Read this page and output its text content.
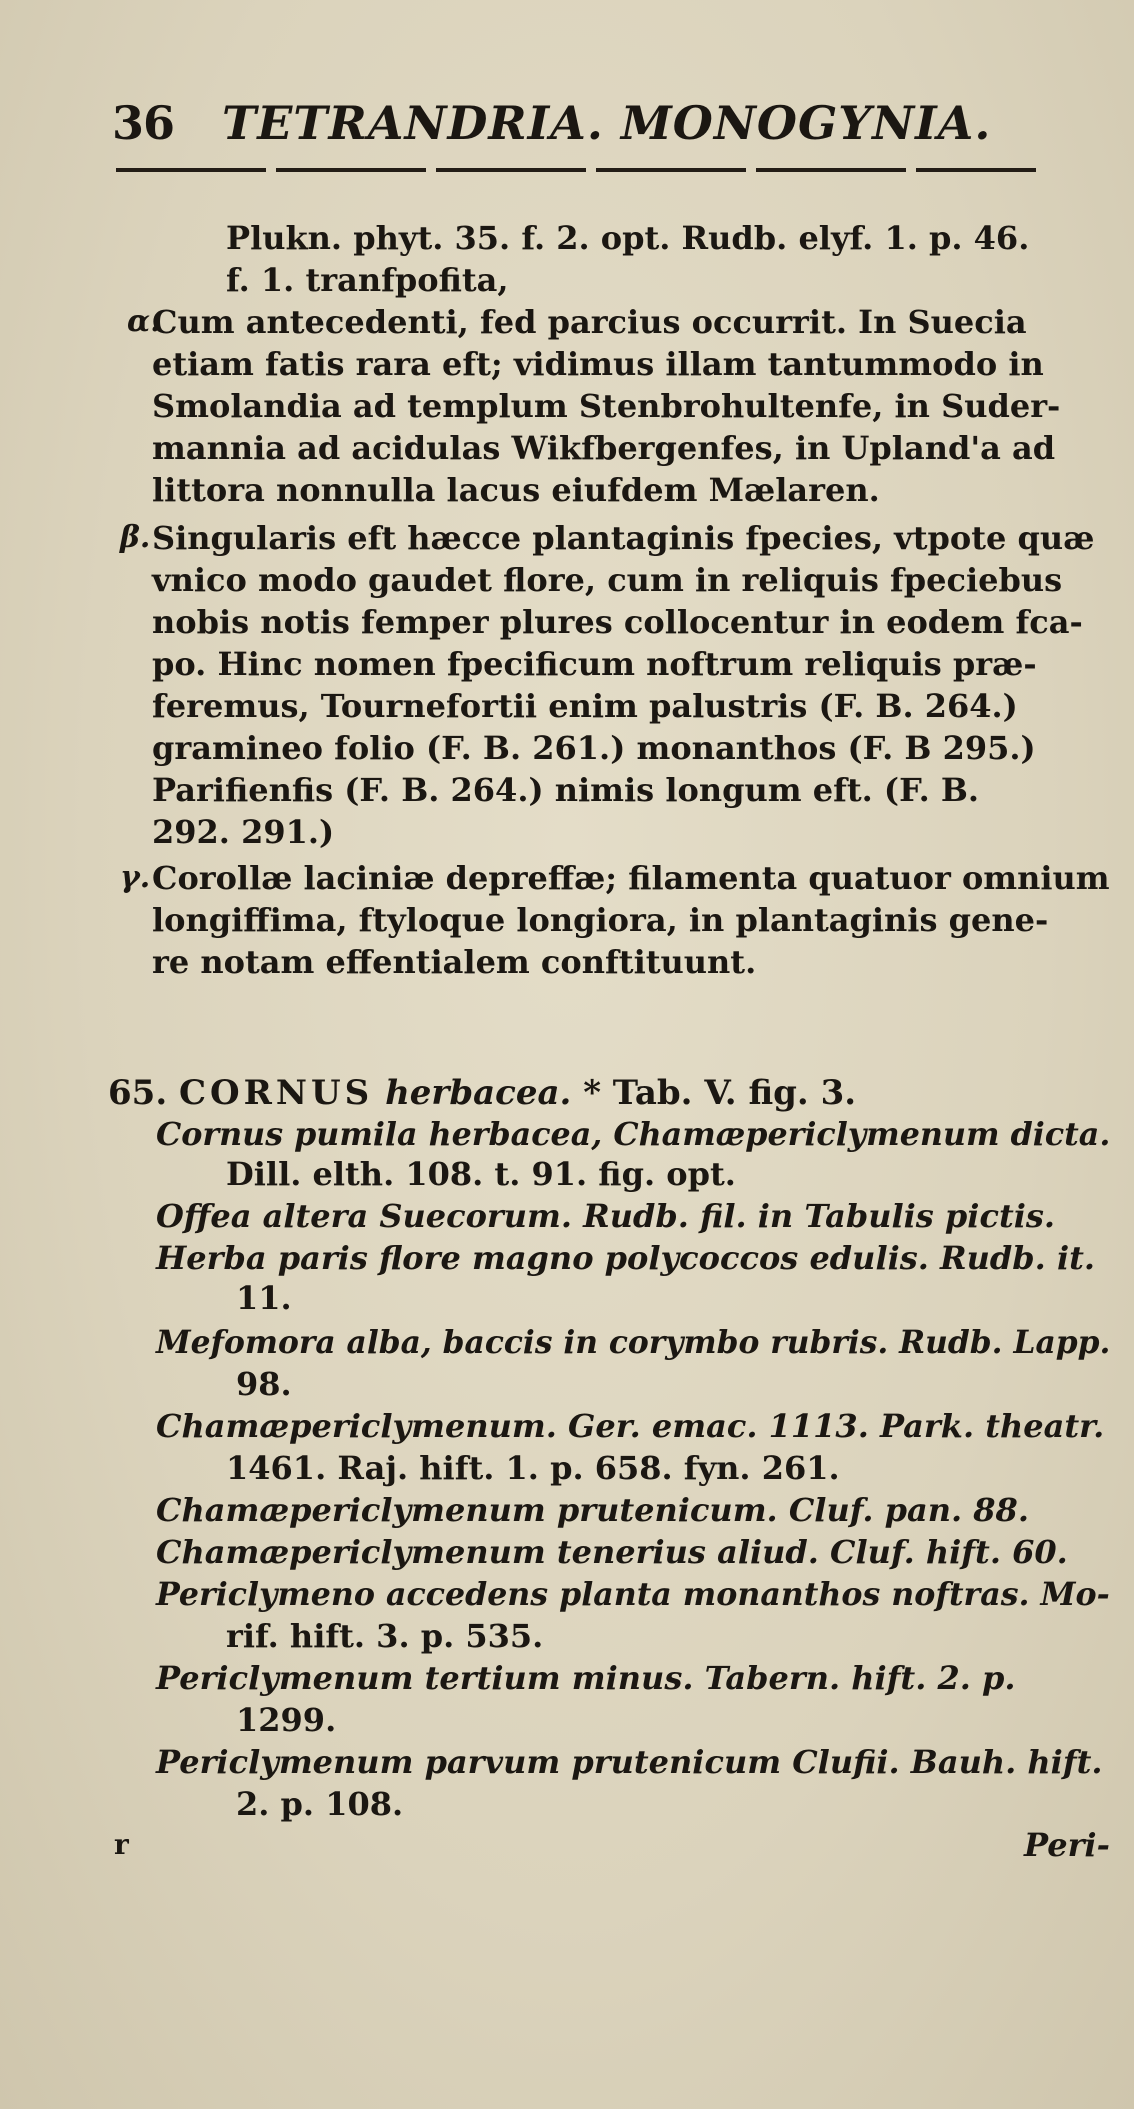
36 TETRANDRIA. MONOGYNIA.
Plukn. phyt. 35. f. 2. opt. Rudb. elyf. 1. p. 46.
f. 1. tranfpofita,
α.
Cum antecedenti, fed parcius occurrit. In Suecia
etiam fatis rara eft; vidimus illam tantummodo in
Smolandia ad templum Stenbrohultenfe, in Suder-
mannia ad acidulas Wikfbergenfes, in Upland'a ad
littora nonnulla lacus eiufdem Mælaren.
β. Singularis eft hæcce plantaginis fpecies, vtpote quæ
vnico modo gaudet flore, cum in reliquis fpeciebus
nobis notis femper plures collocentur in eodem fca-
po. Hinc nomen fpecificum noftrum reliquis præ-
feremus, Tournefortii enim palustris (F. B. 264.)
gramineo folio (F. B. 261.) monanthos (F. B 295.)
Parifienfis (F. B. 264.) nimis longum eft. (F. B.
292. 291.)
γ. Corollæ laciniæ depreffæ; filamenta quatuor omnium
longiffima, ftyloque longiora, in plantaginis gene-
re notam effentialem conftituunt.
65. CORNUS herbacea. * Tab. V. fig. 3.
Cornus pumila herbacea, Chamæpericlymenum dicta.
Dill. elth. 108. t. 91. fig. opt.
Offea altera Suecorum. Rudb. fil. in Tabulis pictis.
Herba paris flore magno polycoccos edulis. Rudb. it.
11.
Mefomora alba, baccis in corymbo rubris. Rudb. Lapp.
98.
Chamæpericlymenum. Ger. emac. 1113. Park. theatr.
1461. Raj. hift. 1. p. 658. fyn. 261.
Chamæpericlymenum prutenicum. Cluf. pan. 88.
Chamæpericlymenum tenerius aliud. Cluf. hift. 60.
Periclymeno accedens planta monanthos noftras. Mo-
rif. hift. 3. p. 535.
Periclymenum tertium minus. Tabern. hift. 2. p.
1299.
Periclymenum parvum prutenicum Clufii. Bauh. hift.
2. p. 108.
r	Peri-
